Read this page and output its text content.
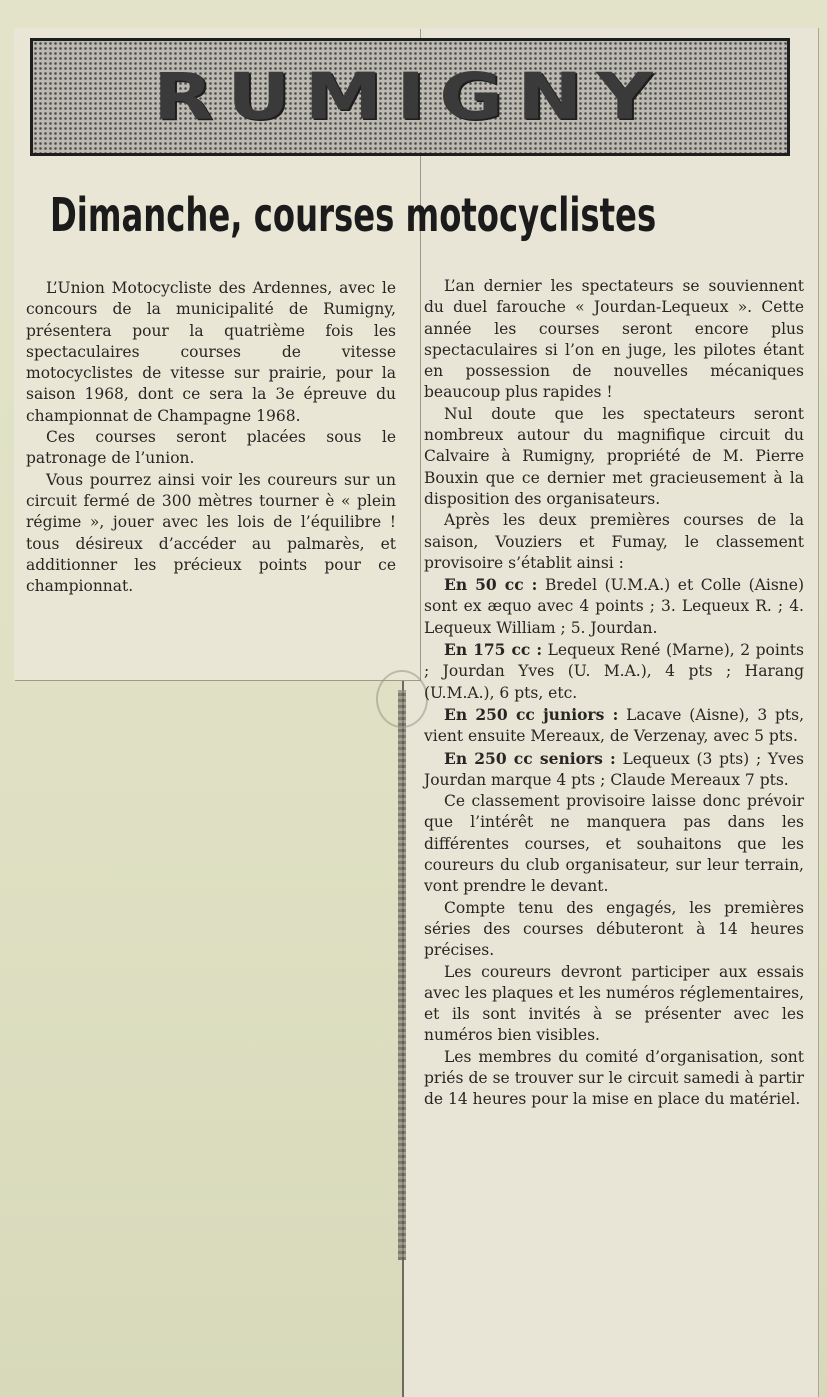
RUMIGNY
Dimanche, courses motocyclistes

L’Union Motocycliste des Ardennes, avec le concours de la municipalité de Rumigny, présentera pour la quatrième fois les spectaculaires courses de vitesse motocyclistes de vitesse sur prairie, pour la saison 1968, dont ce sera la 3e épreuve du championnat de Champagne 1968.

Ces courses seront placées sous le patronage de l’union.

Vous pourrez ainsi voir les coureurs sur un circuit fermé de 300 mètres tourner è « plein régime », jouer avec les lois de l’équilibre ! tous désireux d’accéder au palmarès, et additionner les précieux points pour ce championnat.

L’an dernier les spectateurs se souviennent du duel farouche « Jourdan-Lequeux ». Cette année les courses seront encore plus spectaculaires si l’on en juge, les pilotes étant en possession de nouvelles mécaniques beaucoup plus rapides !

Nul doute que les spectateurs seront nombreux autour du magnifique circuit du Calvaire à Rumigny, propriété de M. Pierre Bouxin que ce dernier met gracieusement à la disposition des organisateurs.

Après les deux premières courses de la saison, Vouziers et Fumay, le classement provisoire s’établit ainsi :

En 50 cc : Bredel (U.M.A.) et Colle (Aisne) sont ex æquo avec 4 points ; 3. Lequeux R. ; 4. Lequeux William ; 5. Jourdan.

En 175 cc : Lequeux René (Marne), 2 points ; Jourdan Yves (U. M.A.), 4 pts ; Harang (U.M.A.), 6 pts, etc.

En 250 cc juniors : Lacave (Aisne), 3 pts, vient ensuite Mereaux, de Verzenay, avec 5 pts.

En 250 cc seniors : Lequeux (3 pts) ; Yves Jourdan marque 4 pts ; Claude Mereaux 7 pts.

Ce classement provisoire laisse donc prévoir que l’intérêt ne manquera pas dans les différentes courses, et souhaitons que les coureurs du club organisateur, sur leur terrain, vont prendre le devant.

Compte tenu des engagés, les premières séries des courses débuteront à 14 heures précises.

Les coureurs devront participer aux essais avec les plaques et les numéros réglementaires, et ils sont invités à se présenter avec les numéros bien visibles.

Les membres du comité d’organisation, sont priés de se trouver sur le circuit samedi à partir de 14 heures pour la mise en place du matériel.
